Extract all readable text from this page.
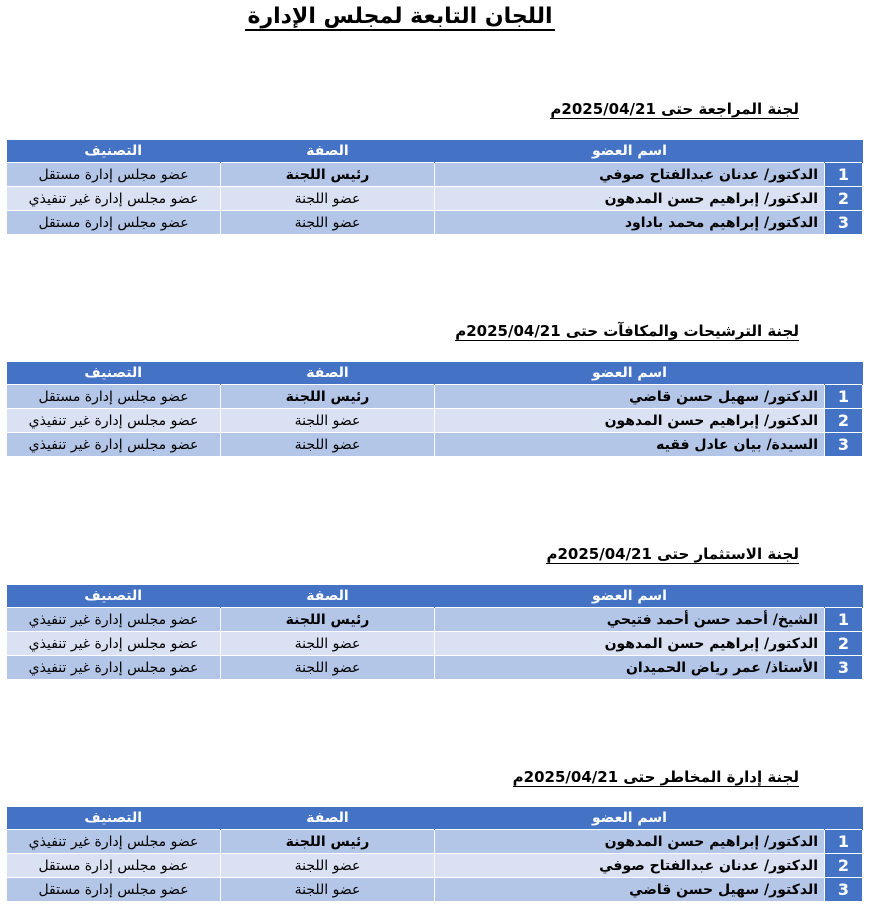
اللجان التابعة لمجلس الإدارة
لجنة المراجعة حتى 2025/04/21م
	اسم العضو	الصفة	التصنيف
1	الدكتور/ عدنان عبدالفتاح صوفي	رئيس اللجنة	عضو مجلس إدارة مستقل
2	الدكتور/ إبراهيم حسن المدهون	عضو اللجنة	عضو مجلس إدارة غير تنفيذي
3	الدكتور/ إبراهيم محمد باداود	عضو اللجنة	عضو مجلس إدارة مستقل
لجنة الترشيحات والمكافآت حتى 2025/04/21م
	اسم العضو	الصفة	التصنيف
1	الدكتور/ سهيل حسن قاضي	رئيس اللجنة	عضو مجلس إدارة مستقل
2	الدكتور/ إبراهيم حسن المدهون	عضو اللجنة	عضو مجلس إدارة غير تنفيذي
3	السيدة/ بيان عادل فقيه	عضو اللجنة	عضو مجلس إدارة غير تنفيذي
لجنة الاستثمار حتى 2025/04/21م
	اسم العضو	الصفة	التصنيف
1	الشيخ/ أحمد حسن أحمد فتيحي	رئيس اللجنة	عضو مجلس إدارة غير تنفيذي
2	الدكتور/ إبراهيم حسن المدهون	عضو اللجنة	عضو مجلس إدارة غير تنفيذي
3	الأستاذ/ عمر رياض الحميدان	عضو اللجنة	عضو مجلس إدارة غير تنفيذي
لجنة إدارة المخاطر حتى 2025/04/21م
	اسم العضو	الصفة	التصنيف
1	الدكتور/ إبراهيم حسن المدهون	رئيس اللجنة	عضو مجلس إدارة غير تنفيذي
2	الدكتور/ عدنان عبدالفتاح صوفي	عضو اللجنة	عضو مجلس إدارة مستقل
3	الدكتور/ سهيل حسن قاضي	عضو اللجنة	عضو مجلس إدارة مستقل
